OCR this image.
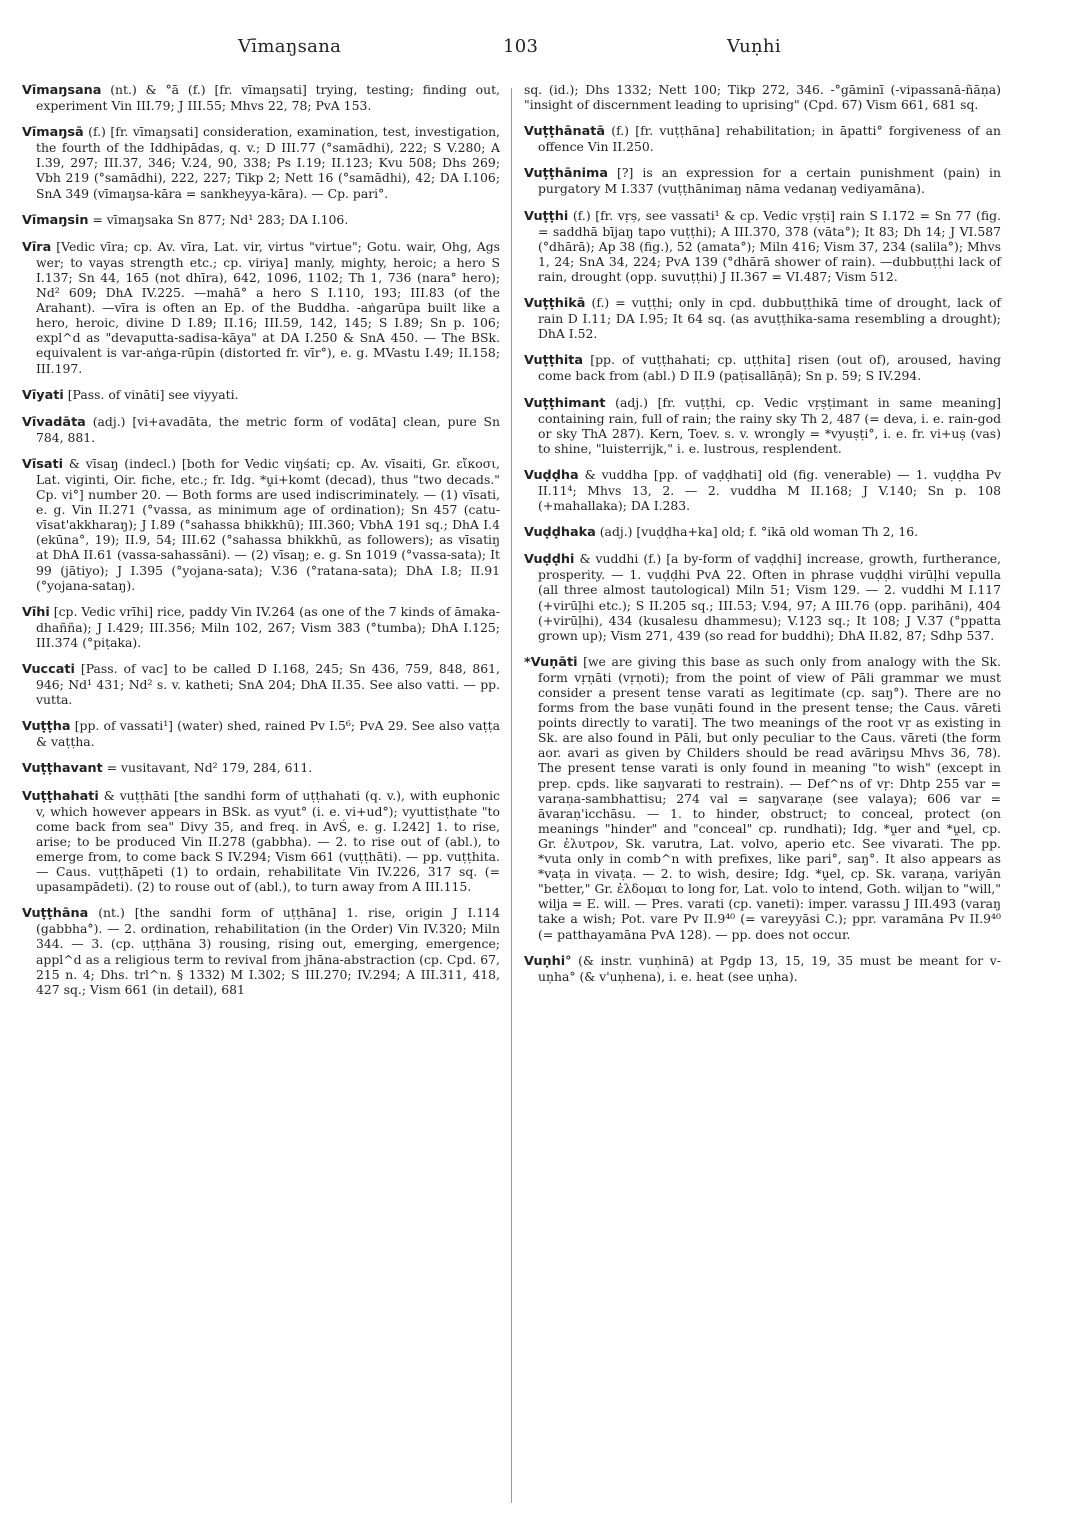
Vīmaŋsana	103	Vuṇhi

Vīmaŋsana (nt.) & °ā (f.) [fr. vīmaŋsati] trying, testing; finding out, experiment Vin III.79; J III.55; Mhvs 22, 78; PvA 153.

Vīmaŋsā (f.) [fr. vīmaŋsati] consideration, examination, test, investigation, the fourth of the Iddhipādas, q. v.; D III.77 (°samādhi), 222; S V.280; A I.39, 297; III.37, 346; V.24, 90, 338; Ps I.19; II.123; Kvu 508; Dhs 269; Vbh 219 (°samādhi), 222, 227; Tikp 2; Nett 16 (°samādhi), 42; DA I.106; SnA 349 (vīmaŋsa-kāra = sankheyya-kāra). — Cp. pari°.

Vīmaŋsin = vīmaŋsaka Sn 877; Nd¹ 283; DA I.106.

Vīra [Vedic vīra; cp. Av. vīra, Lat. vir, virtus "virtue"; Gotu. wair, Ohg, Ags wer; to vayas strength etc.; cp. viriya] manly, mighty, heroic; a hero S I.137; Sn 44, 165 (not dhīra), 642, 1096, 1102; Th 1, 736 (nara° hero); Nd² 609; DhA IV.225. —mahā° a hero S I.110, 193; III.83 (of the Arahant). —vīra is often an Ep. of the Buddha. -aṅgarūpa built like a hero, heroic, divine D I.89; II.16; III.59, 142, 145; S I.89; Sn p. 106; expl^d as "devaputta-sadisa-kāya" at DA I.250 & SnA 450. — The BSk. equivalent is var-aṅga-rūpin (distorted fr. vīr°), e. g. MVastu I.49; II.158; III.197.

Vīyati [Pass. of vināti] see viyyati.

Vīvadāta (adj.) [vi+avadāta, the metric form of vodāta] clean, pure Sn 784, 881.

Vīsati & vīsaŋ (indecl.) [both for Vedic viŋśati; cp. Av. vīsaiti, Gr. εἴκοσι, Lat. viginti, Oir. fiche, etc.; fr. Idg. *ṷi+komt (decad), thus "two decads." Cp. vi°] number 20. — Both forms are used indiscriminately. — (1) vīsati, e. g. Vin II.271 (°vassa, as minimum age of ordination); Sn 457 (catu-vīsat'akkharaŋ); J I.89 (°sahassa bhikkhū); III.360; VbhA 191 sq.; DhA I.4 (ekūna°, 19); II.9, 54; III.62 (°sahassa bhikkhū, as followers); as vīsatiŋ at DhA II.61 (vassa-sahassāni). — (2) vīsaŋ; e. g. Sn 1019 (°vassa-sata); It 99 (jātiyo); J I.395 (°yojana-sata); V.36 (°ratana-sata); DhA I.8; II.91 (°yojana-sataŋ).

Vīhi [cp. Vedic vrīhi] rice, paddy Vin IV.264 (as one of the 7 kinds of āmaka-dhañña); J I.429; III.356; Miln 102, 267; Vism 383 (°tumba); DhA I.125; III.374 (°piṭaka).

Vuccati [Pass. of vac] to be called D I.168, 245; Sn 436, 759, 848, 861, 946; Nd¹ 431; Nd² s. v. katheti; SnA 204; DhA II.35. See also vatti. — pp. vutta.

Vuṭṭha [pp. of vassati¹] (water) shed, rained Pv I.5⁶; PvA 29. See also vaṭṭa & vaṭṭha.

Vuṭṭhavant = vusitavant, Nd² 179, 284, 611.

Vuṭṭhahati & vuṭṭhāti [the sandhi form of uṭṭhahati (q. v.), with euphonic v, which however appears in BSk. as vyut° (i. e. vi+ud°); vyuttisṭhate "to come back from sea" Divy 35, and freq. in AvŚ, e. g. I.242] 1. to rise, arise; to be produced Vin II.278 (gabbha). — 2. to rise out of (abl.), to emerge from, to come back S IV.294; Vism 661 (vuṭṭhāti). — pp. vuṭṭhita. — Caus. vuṭṭhāpeti (1) to ordain, rehabilitate Vin IV.226, 317 sq. (= upasampādeti). (2) to rouse out of (abl.), to turn away from A III.115.

Vuṭṭhāna (nt.) [the sandhi form of uṭṭhāna] 1. rise, origin J I.114 (gabbha°). — 2. ordination, rehabilitation (in the Order) Vin IV.320; Miln 344. — 3. (cp. uṭṭhāna 3) rousing, rising out, emerging, emergence; appl^d as a religious term to revival from jhāna-abstraction (cp. Cpd. 67, 215 n. 4; Dhs. trl^n. § 1332) M I.302; S III.270; IV.294; A III.311, 418, 427 sq.; Vism 661 (in detail), 681

sq. (id.); Dhs 1332; Nett 100; Tikp 272, 346. -°gāminī (-vipassanā-ñāṇa) "insight of discernment leading to uprising" (Cpd. 67) Vism 661, 681 sq.

Vuṭṭhānatā (f.) [fr. vuṭṭhāna] rehabilitation; in āpatti° forgiveness of an offence Vin II.250.

Vuṭṭhānima [?] is an expression for a certain punishment (pain) in purgatory M I.337 (vuṭṭhānimaŋ nāma vedanaŋ vediyamāna).

Vuṭṭhi (f.) [fr. vṛṣ, see vassati¹ & cp. Vedic vṛṣṭi] rain S I.172 = Sn 77 (fig. = saddhā bījaŋ tapo vuṭṭhi); A III.370, 378 (vāta°); It 83; Dh 14; J VI.587 (°dhārā); Ap 38 (fig.), 52 (amata°); Miln 416; Vism 37, 234 (salila°); Mhvs 1, 24; SnA 34, 224; PvA 139 (°dhārā shower of rain). —dubbuṭṭhi lack of rain, drought (opp. suvuṭṭhi) J II.367 = VI.487; Vism 512.

Vuṭṭhikā (f.) = vuṭṭhi; only in cpd. dubbuṭṭhikā time of drought, lack of rain D I.11; DA I.95; It 64 sq. (as avuṭṭhika-sama resembling a drought); DhA I.52.

Vuṭṭhita [pp. of vuṭṭhahati; cp. uṭṭhita] risen (out of), aroused, having come back from (abl.) D II.9 (paṭisallāṇā); Sn p. 59; S IV.294.

Vuṭṭhimant (adj.) [fr. vuṭṭhi, cp. Vedic vṛṣṭimant in same meaning] containing rain, full of rain; the rainy sky Th 2, 487 (= deva, i. e. rain-god or sky ThA 287). Kern, Toev. s. v. wrongly = *vyuṣṭi°, i. e. fr. vi+uṣ (vas) to shine, "luisterrijk," i. e. lustrous, resplendent.

Vuḍḍha & vuddha [pp. of vaḍḍhati] old (fig. venerable) — 1. vuḍḍha Pv II.11⁴; Mhvs 13, 2. — 2. vuddha M II.168; J V.140; Sn p. 108 (+mahallaka); DA I.283.

Vuḍḍhaka (adj.) [vuḍḍha+ka] old; f. °ikā old woman Th 2, 16.

Vuḍḍhi & vuddhi (f.) [a by-form of vaḍḍhi] increase, growth, furtherance, prosperity. — 1. vuḍḍhi PvA 22. Often in phrase vuḍḍhi virūḷhi vepulla (all three almost tautological) Miln 51; Vism 129. — 2. vuddhi M I.117 (+virūḷhi etc.); S II.205 sq.; III.53; V.94, 97; A III.76 (opp. parihāni), 404 (+virūḷhi), 434 (kusalesu dhammesu); V.123 sq.; It 108; J V.37 (°ppatta grown up); Vism 271, 439 (so read for buddhi); DhA II.82, 87; Sdhp 537.

*Vuṇāti [we are giving this base as such only from analogy with the Sk. form vṛṇāti (vṛṇoti); from the point of view of Pāli grammar we must consider a present tense varati as legitimate (cp. saŋ°). There are no forms from the base vuṇāti found in the present tense; the Caus. vāreti points directly to varati]. The two meanings of the root vṛ as existing in Sk. are also found in Pāli, but only peculiar to the Caus. vāreti (the form aor. avari as given by Childers should be read avāriŋsu Mhvs 36, 78). The present tense varati is only found in meaning "to wish" (except in prep. cpds. like saŋvarati to restrain). — Def^ns of vṛ: Dhtp 255 var = varaṇa-sambhattisu; 274 val = saŋvaraṇe (see valaya); 606 var = āvaraṇ'icchāsu. — 1. to hinder, obstruct; to conceal, protect (on meanings "hinder" and "conceal" cp. rundhati); Idg. *ṷer and *ṷel, cp. Gr. ἐλυτρον, Sk. varutra, Lat. volvo, aperio etc. See vivarati. The pp. *vuta only in comb^n with prefixes, like pari°, saŋ°. It also appears as *vaṭa in vivaṭa. — 2. to wish, desire; Idg. *ṷel, cp. Sk. varaṇa, variyān "better," Gr. ἐλδομαι to long for, Lat. volo to intend, Goth. wiljan to "will," wilja = E. will. — Pres. varati (cp. vaneti): imper. varassu J III.493 (varaŋ take a wish; Pot. vare Pv II.9⁴⁰ (= vareyyāsi C.); ppr. varamāna Pv II.9⁴⁰ (= patthayamāna PvA 128). — pp. does not occur.

Vuṇhi° (& instr. vuṇhinā) at Pgdp 13, 15, 19, 35 must be meant for v-uṇha° (& v'uṇhena), i. e. heat (see uṇha).
